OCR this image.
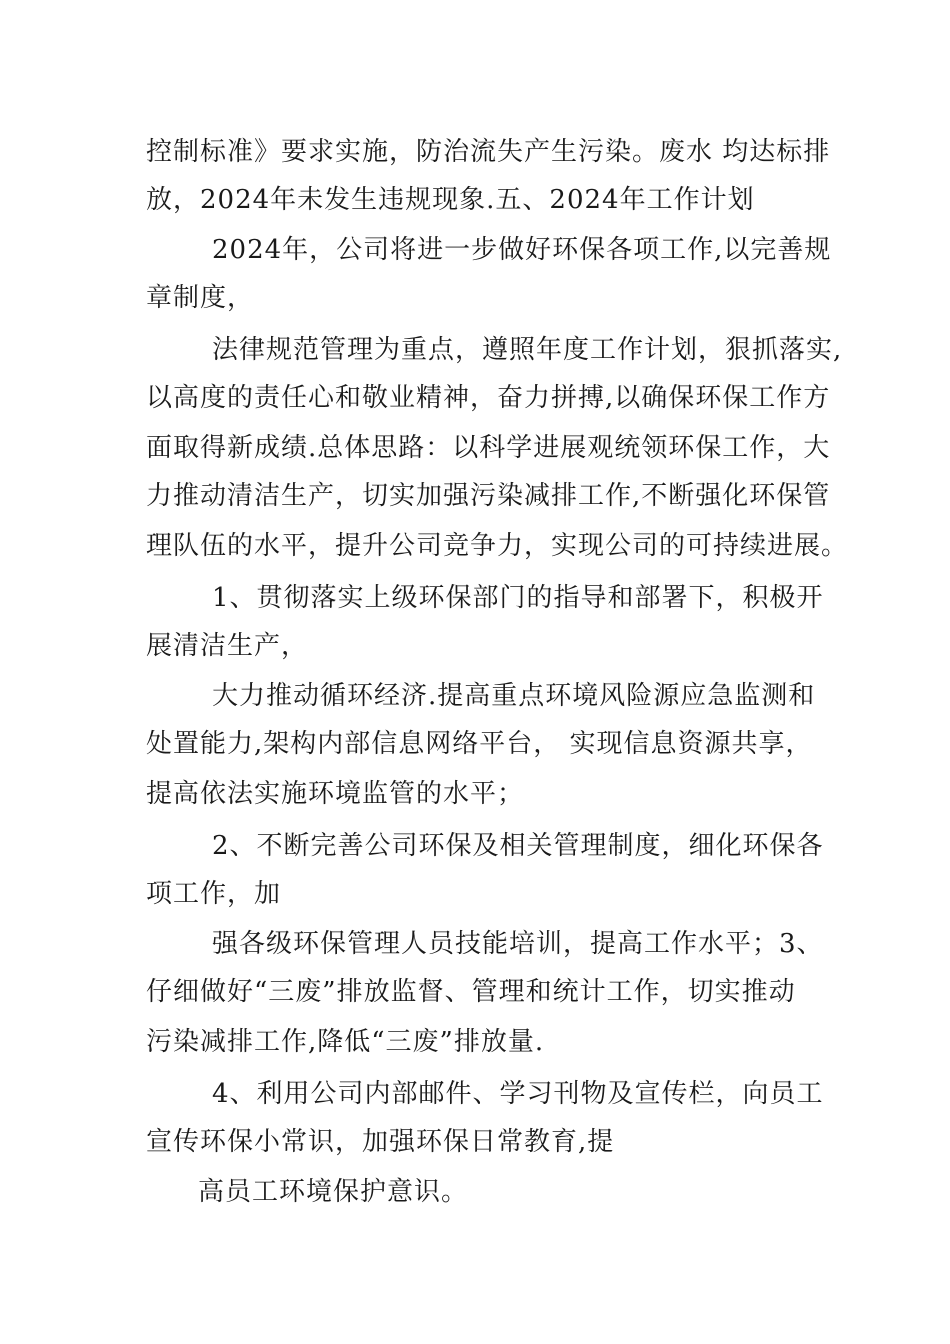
控制标准》要求实施，防治流失产生污染。废水 均达标排

放，2024年未发生违规现象.五、2024年工作计划

2024年，公司将进一步做好环保各项工作,以完善规

章制度，

法律规范管理为重点，遵照年度工作计划，狠抓落实,

以高度的责任心和敬业精神，奋力拼搏,以确保环保工作方

面取得新成绩.总体思路：以科学进展观统领环保工作，大

力推动清洁生产，切实加强污染减排工作,不断强化环保管

理队伍的水平，提升公司竞争力，实现公司的可持续进展。

1、贯彻落实上级环保部门的指导和部署下，积极开

展清洁生产，

大力推动循环经济.提高重点环境风险源应急监测和

处置能力,架构内部信息网络平台， 实现信息资源共享，

提高依法实施环境监管的水平；

2、不断完善公司环保及相关管理制度，细化环保各

项工作，加

强各级环保管理人员技能培训，提高工作水平；3、

仔细做好“三废”排放监督、管理和统计工作，切实推动

污染减排工作,降低“三废”排放量.

4、利用公司内部邮件、学习刊物及宣传栏，向员工

宣传环保小常识，加强环保日常教育,提

高员工环境保护意识。
